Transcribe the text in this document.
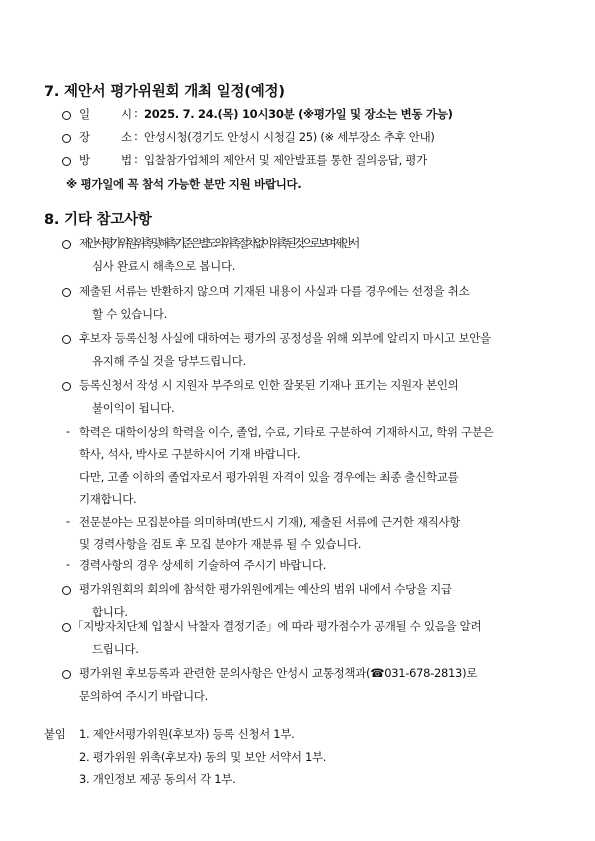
7. 제안서 평가위원회 개최 일정(예정)
일	시 : 2025. 7. 24.(목) 10시30분 (※평가일 및 장소는 변동 가능)
장	소 : 안성시청(경기도 안성시 시청길 25) (※ 세부장소 추후 안내)
방	법 : 입찰참가업체의 제안서 및 제안발표를 통한 질의응답, 평가
※ 평가일에 꼭 참석 가능한 분만 지원 바랍니다.
8. 기타 참고사항
제안서 평가위원 위촉 및 해촉 기준은 별도의 위촉 절차 없이 위촉된 것으로 보며 제안서
심사 완료시 해촉으로 봅니다.
제출된 서류는 반환하지 않으며 기재된 내용이 사실과 다를 경우에는 선정을 취소
할 수 있습니다.
후보자 등록신청 사실에 대하여는 평가의 공정성을 위해 외부에 알리지 마시고 보안을
유지해 주실 것을 당부드립니다.
등록신청서 작성 시 지원자 부주의로 인한 잘못된 기재나 표기는 지원자 본인의
불이익이 됩니다.
- 학력은 대학이상의 학력을 이수, 졸업, 수료, 기타로 구분하여 기재하시고, 학위 구분은
학사, 석사, 박사로 구분하시어 기재 바랍니다.
다만, 고졸 이하의 졸업자로서 평가위원 자격이 있을 경우에는 최종 출신학교를
기재합니다.
- 전문분야는 모집분야를 의미하며(반드시 기재), 제출된 서류에 근거한 재직사항
및 경력사항을 검토 후 모집 분야가 재분류 될 수 있습니다.
- 경력사항의 경우 상세히 기술하여 주시기 바랍니다.
평가위원회의 회의에 참석한 평가위원에게는 예산의 범위 내에서 수당을 지급
합니다.
「지방자치단체 입찰시 낙찰자 결정기준」에 따라 평가점수가 공개될 수 있음을 알려
드립니다.
평가위원 후보등록과 관련한 문의사항은 안성시 교통정책과(☎031-678-2813)로
문의하여 주시기 바랍니다.
붙임 1. 제안서평가위원(후보자) 등록 신청서 1부.
2. 평가위원 위촉(후보자) 동의 및 보안 서약서 1부.
3. 개인정보 제공 동의서 각 1부.
